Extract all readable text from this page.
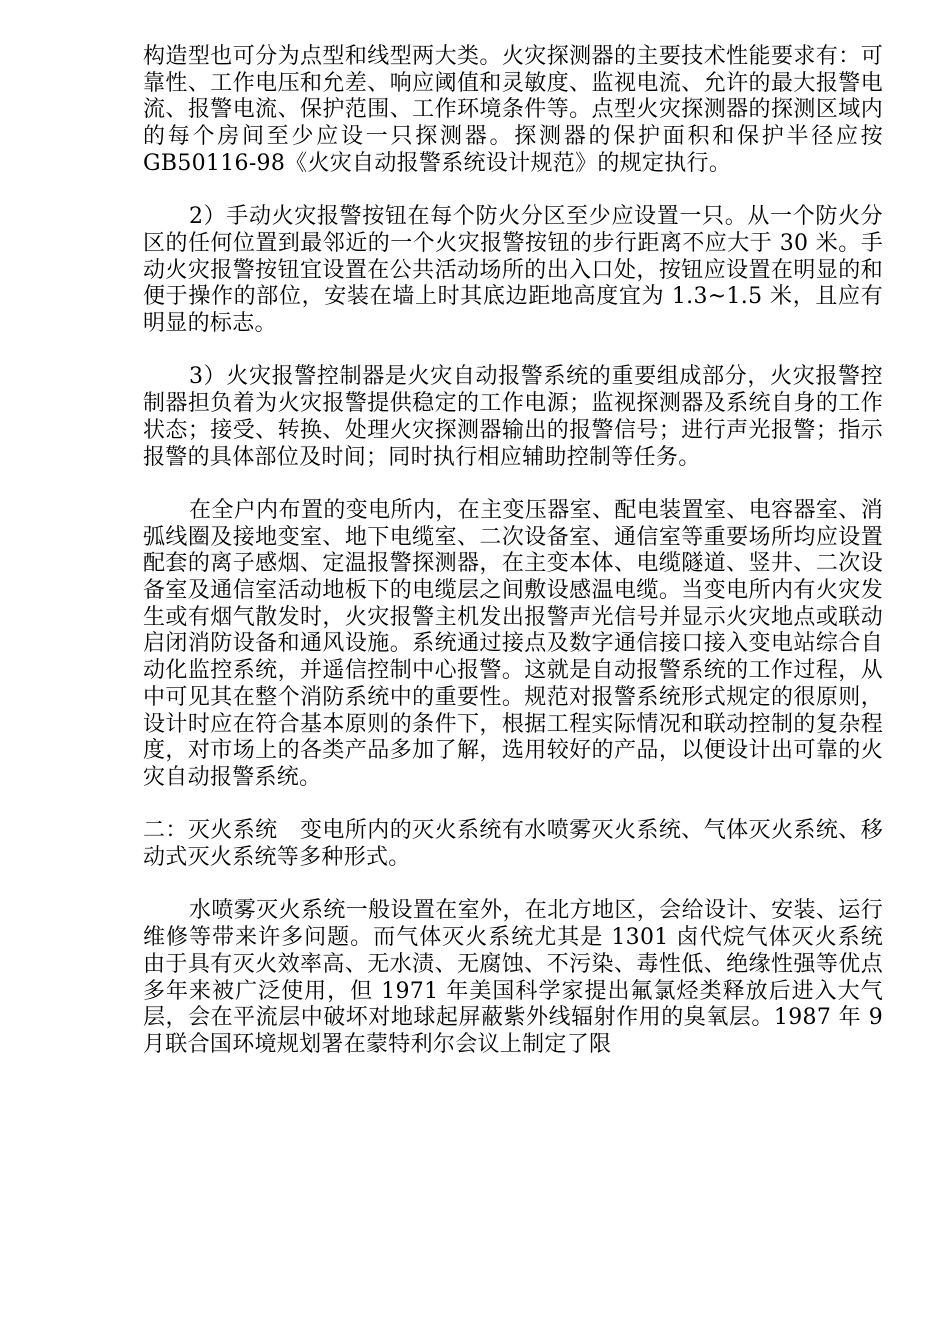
构造型也可分为点型和线型两大类。火灾探测器的主要技术性能要求有：可靠性、工作电压和允差、响应阈值和灵敏度、监视电流、允许的最大报警电流、报警电流、保护范围、工作环境条件等。点型火灾探测器的探测区域内的每个房间至少应设一只探测器。探测器的保护面积和保护半径应按 GB50116-98《火灾自动报警系统设计规范》的规定执行。

2）手动火灾报警按钮在每个防火分区至少应设置一只。从一个防火分区的任何位置到最邻近的一个火灾报警按钮的步行距离不应大于 30 米。手动火灾报警按钮宜设置在公共活动场所的出入口处，按钮应设置在明显的和便于操作的部位，安装在墙上时其底边距地高度宜为 1.3~1.5 米，且应有明显的标志。

3）火灾报警控制器是火灾自动报警系统的重要组成部分，火灾报警控制器担负着为火灾报警提供稳定的工作电源；监视探测器及系统自身的工作状态；接受、转换、处理火灾探测器输出的报警信号；进行声光报警；指示报警的具体部位及时间；同时执行相应辅助控制等任务。

在全户内布置的变电所内，在主变压器室、配电装置室、电容器室、消弧线圈及接地变室、地下电缆室、二次设备室、通信室等重要场所均应设置配套的离子感烟、定温报警探测器，在主变本体、电缆隧道、竖井、二次设备室及通信室活动地板下的电缆层之间敷设感温电缆。当变电所内有火灾发生或有烟气散发时，火灾报警主机发出报警声光信号并显示火灾地点或联动启闭消防设备和通风设施。系统通过接点及数字通信接口接入变电站综合自动化监控系统，并遥信控制中心报警。这就是自动报警系统的工作过程，从中可见其在整个消防系统中的重要性。规范对报警系统形式规定的很原则，设计时应在符合基本原则的条件下，根据工程实际情况和联动控制的复杂程度，对市场上的各类产品多加了解，选用较好的产品，以便设计出可靠的火灾自动报警系统。

二：灭火系统　变电所内的灭火系统有水喷雾灭火系统、气体灭火系统、移动式灭火系统等多种形式。

水喷雾灭火系统一般设置在室外，在北方地区，会给设计、安装、运行维修等带来许多问题。而气体灭火系统尤其是 1301 卤代烷气体灭火系统由于具有灭火效率高、无水渍、无腐蚀、不污染、毒性低、绝缘性强等优点多年来被广泛使用，但 1971 年美国科学家提出氟氯烃类释放后进入大气层，会在平流层中破坏对地球起屏蔽紫外线辐射作用的臭氧层。1987 年 9 月联合国环境规划署在蒙特利尔会议上制定了限
